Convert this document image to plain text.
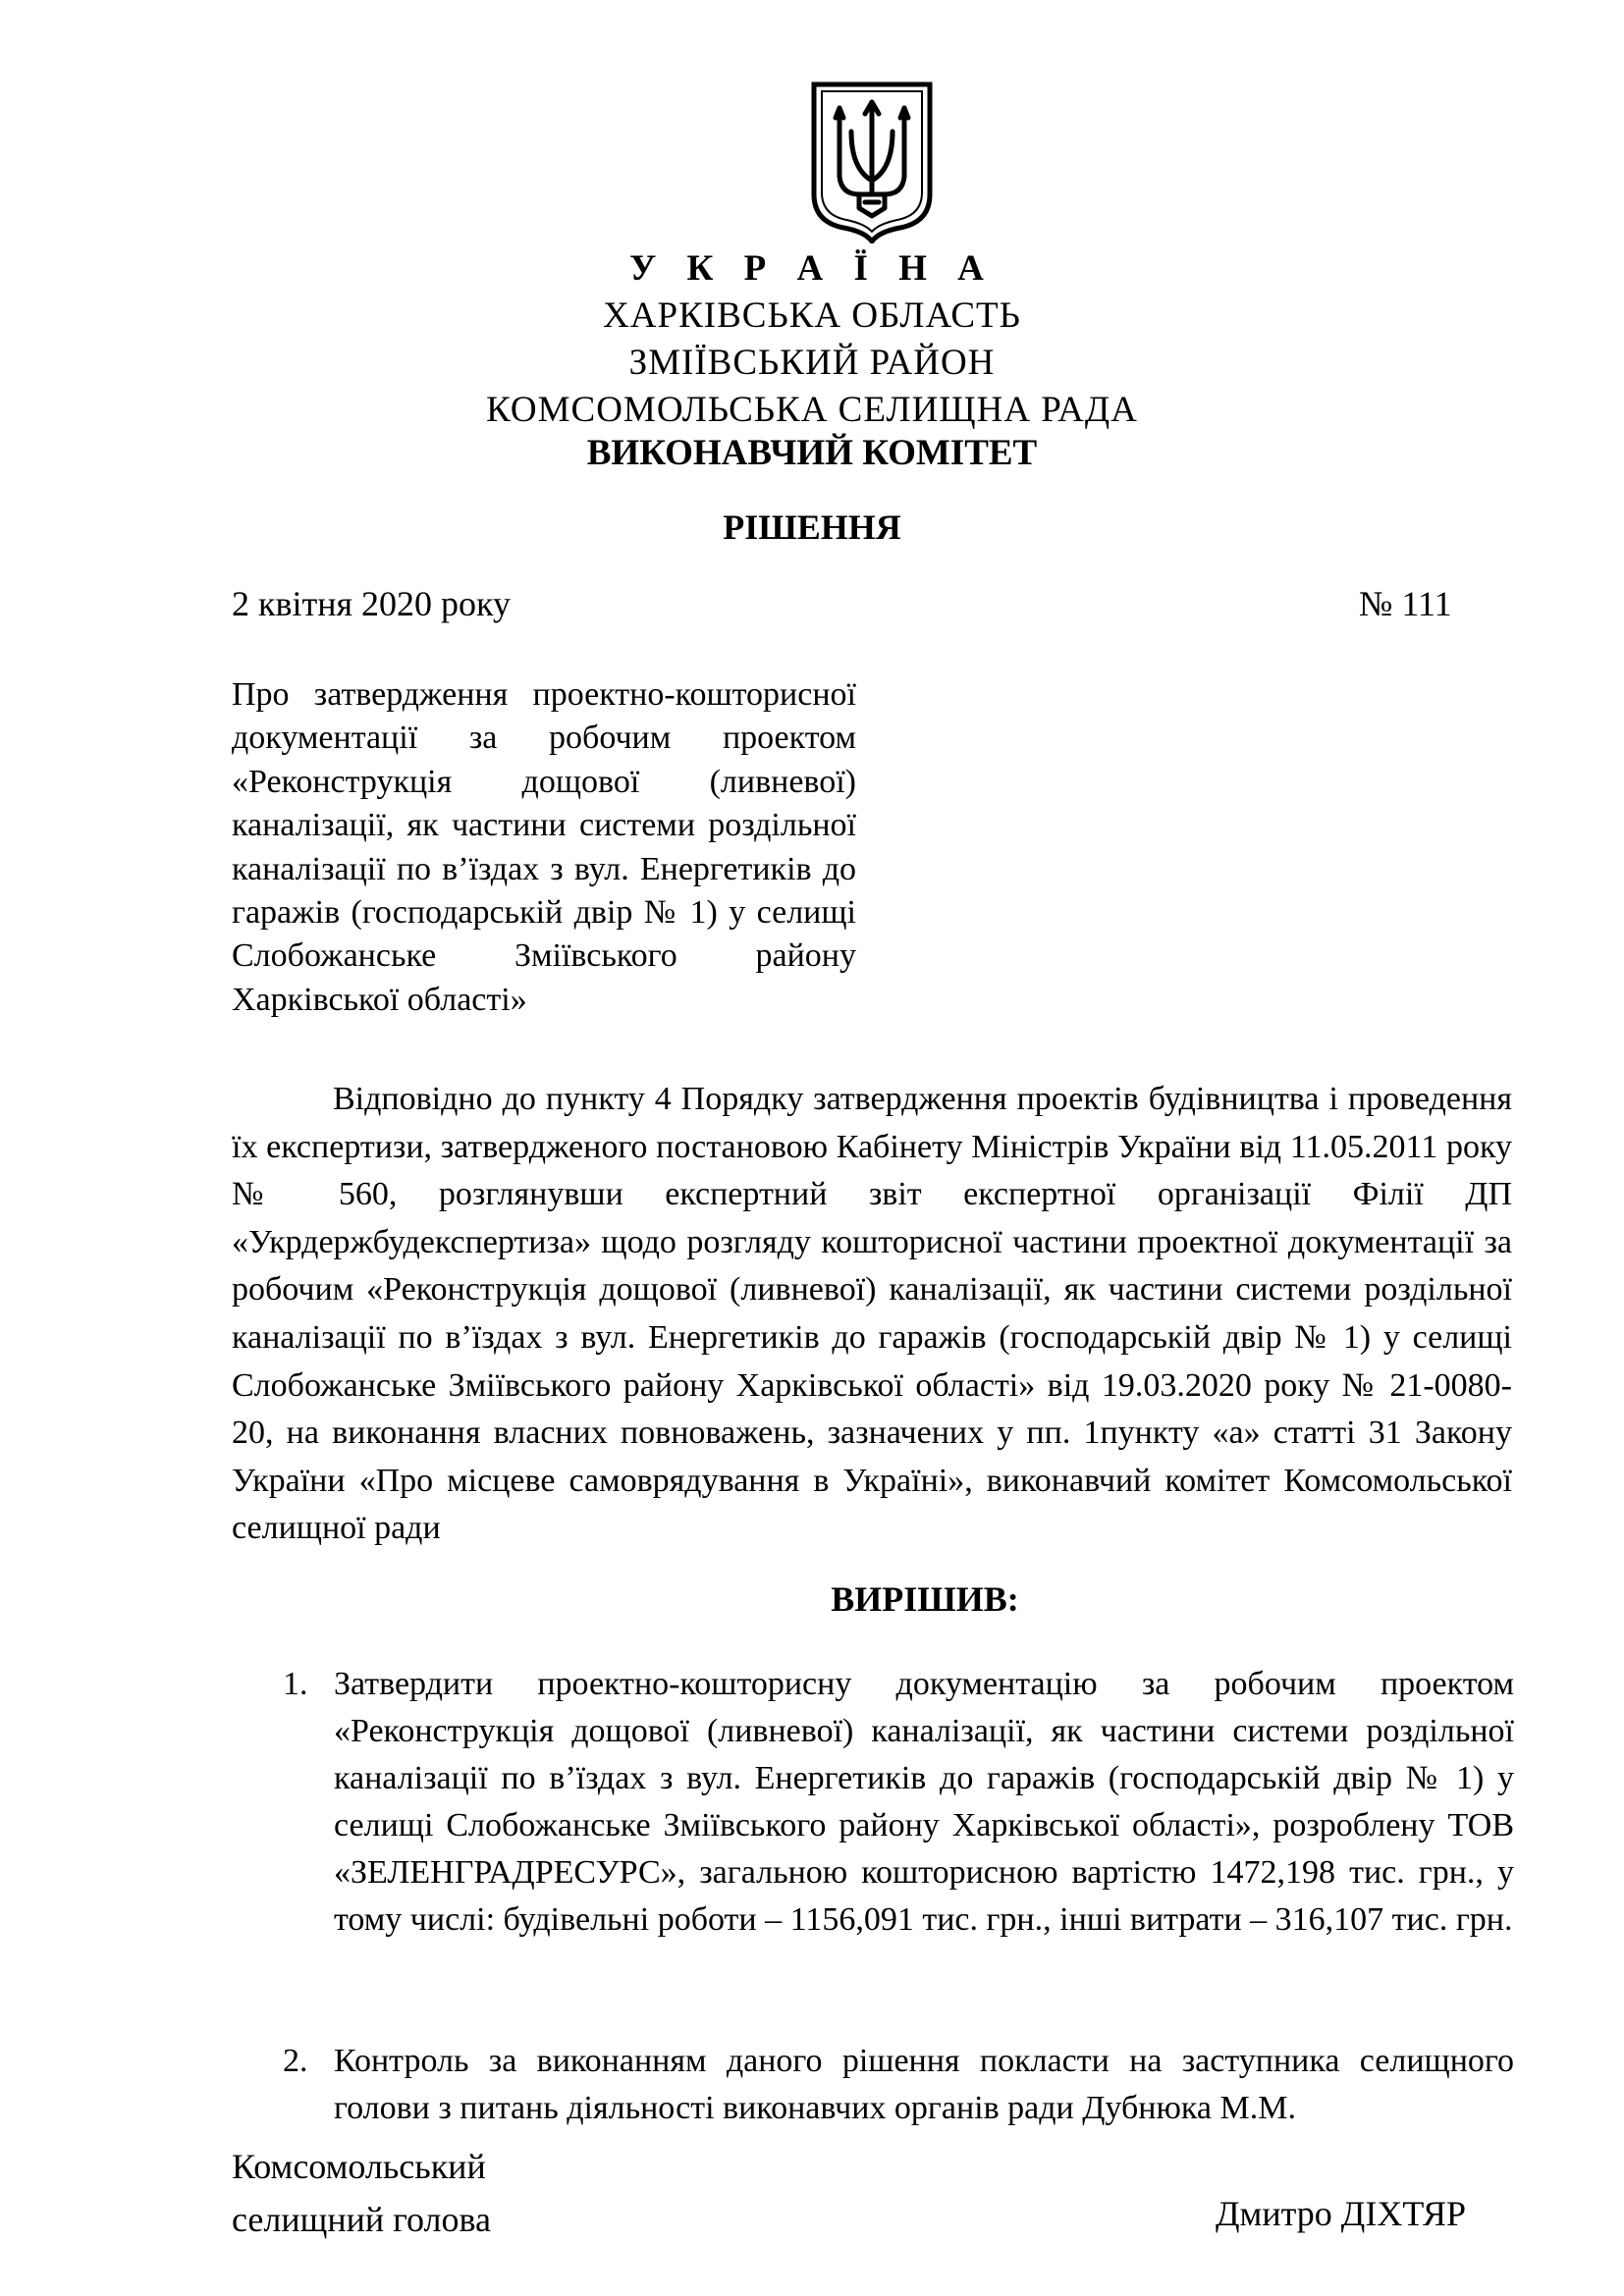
У К Р А Ї Н А
ХАРКІВСЬКА ОБЛАСТЬ
ЗМІЇВСЬКИЙ РАЙОН
КОМСОМОЛЬСЬКА СЕЛИЩНА РАДА
ВИКОНАВЧИЙ КОМІТЕТ
РІШЕННЯ
2 квітня 2020 року	№ 111
Про затвердження проектно-кошторисної документації за робочим проектом «Реконструкція дощової (ливневої) каналізації, як частини системи роздільної каналізації по в’їздах з вул. Енергетиків до гаражів (господарській двір № 1) у селищі Слобожанське Зміївського району Харківської області»
Відповідно до пункту 4 Порядку затвердження проектів будівництва і проведення їх експертизи, затвердженого постановою Кабінету Міністрів України від 11.05.2011 року № 560, розглянувши експертний звіт експертної організації Філії ДП «Укрдержбудекспертиза» щодо розгляду кошторисної частини проектної документації за робочим «Реконструкція дощової (ливневої) каналізації, як частини системи роздільної каналізації по в’їздах з вул. Енергетиків до гаражів (господарській двір № 1) у селищі Слобожанське Зміївського району Харківської області» від 19.03.2020 року № 21-0080-20, на виконання власних повноважень, зазначених у пп. 1пункту «а» статті 31 Закону України «Про місцеве самоврядування в Україні», виконавчий комітет Комсомольської селищної ради
ВИРІШИВ:
1. Затвердити проектно-кошторисну документацію за робочим проектом «Реконструкція дощової (ливневої) каналізації, як частини системи роздільної каналізації по в’їздах з вул. Енергетиків до гаражів (господарській двір № 1) у селищі Слобожанське Зміївського району Харківської області», розроблену ТОВ «ЗЕЛЕНГРАДРЕСУРС», загальною кошторисною вартістю 1472,198 тис. грн., у тому числі: будівельні роботи – 1156,091 тис. грн., інші витрати – 316,107 тис. грн.
2. Контроль за виконанням даного рішення покласти на заступника селищного голови з питань діяльності виконавчих органів ради Дубнюка М.М.
Комсомольський
селищний голова	Дмитро ДІХТЯР
